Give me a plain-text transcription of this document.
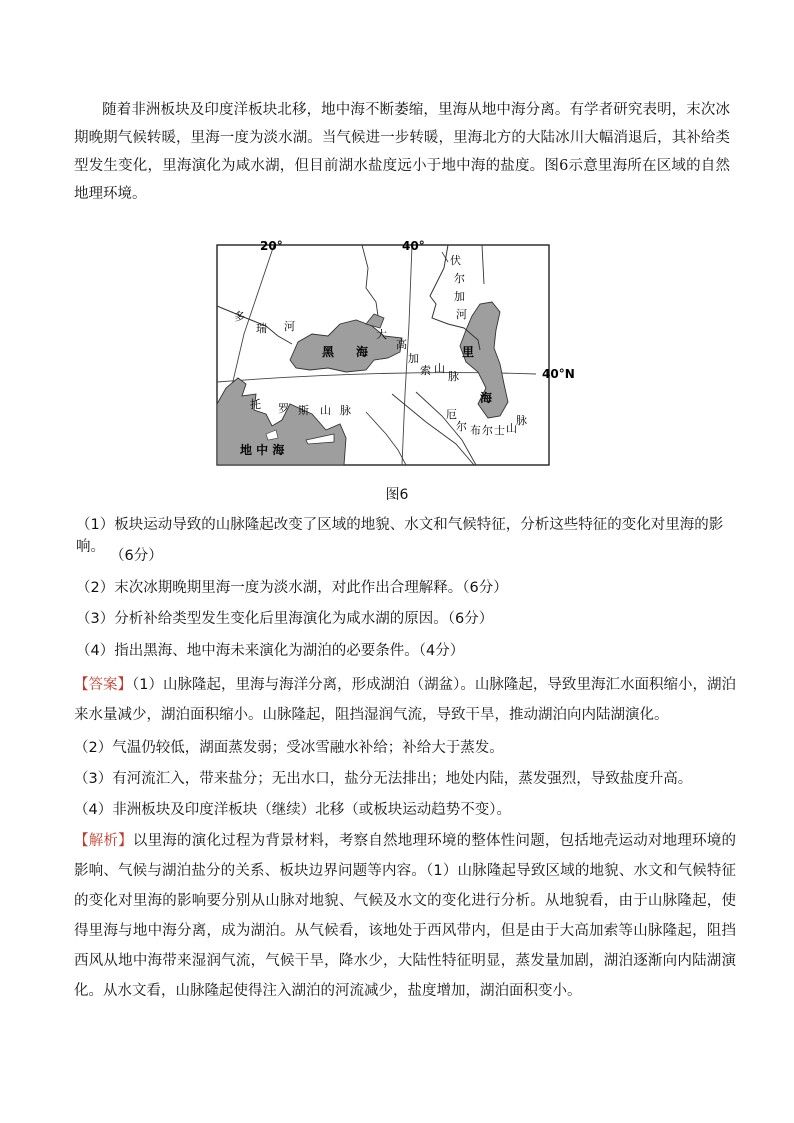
随着非洲板块及印度洋板块北移，地中海不断萎缩，里海从地中海分离。有学者研究表明，末次冰期晚期气候转暖，里海一度为淡水湖。当气候进一步转暖，里海北方的大陆冰川大幅消退后，其补给类型发生变化，里海演化为咸水湖，但目前湖水盐度远小于地中海的盐度。图6示意里海所在区域的自然地理环境。

20°	40°
40°N
多
瑞 河
伏
尔
加
河
黑 海	里
海
大
高
加
索 山
脉
托 罗 斯 山 脉	厄
尔 布 尔 士 山
脉
地 中 海
图6
（1）板块运动导致的山脉隆起改变了区域的地貌、水文和气候特征，分析这些特征的变化对里海的影响。
（6分）
（2）末次冰期晚期里海一度为淡水湖，对此作出合理解释。（6分）
（3）分析补给类型发生变化后里海演化为咸水湖的原因。（6分）
（4）指出黑海、地中海未来演化为湖泊的必要条件。（4分）
【答案】（1）山脉隆起，里海与海洋分离，形成湖泊（湖盆）。山脉隆起，导致里海汇水面积缩小，湖泊来水量减少，湖泊面积缩小。山脉隆起，阻挡湿润气流，导致干旱，推动湖泊向内陆湖演化。
（2）气温仍较低，湖面蒸发弱；受冰雪融水补给；补给大于蒸发。
（3）有河流汇入，带来盐分；无出水口，盐分无法排出；地处内陆，蒸发强烈，导致盐度升高。
（4）非洲板块及印度洋板块（继续）北移（或板块运动趋势不变）。
【解析】以里海的演化过程为背景材料，考察自然地理环境的整体性问题，包括地壳运动对地理环境的影响、气候与湖泊盐分的关系、板块边界问题等内容。（1）山脉隆起导致区域的地貌、水文和气候特征的变化对里海的影响要分别从山脉对地貌、气候及水文的变化进行分析。从地貌看，由于山脉隆起，使得里海与地中海分离，成为湖泊。从气候看，该地处于西风带内，但是由于大高加索等山脉隆起，阻挡西风从地中海带来湿润气流，气候干旱，降水少，大陆性特征明显，蒸发量加剧，湖泊逐渐向内陆湖演化。从水文看，山脉隆起使得注入湖泊的河流减少，盐度增加，湖泊面积变小。
